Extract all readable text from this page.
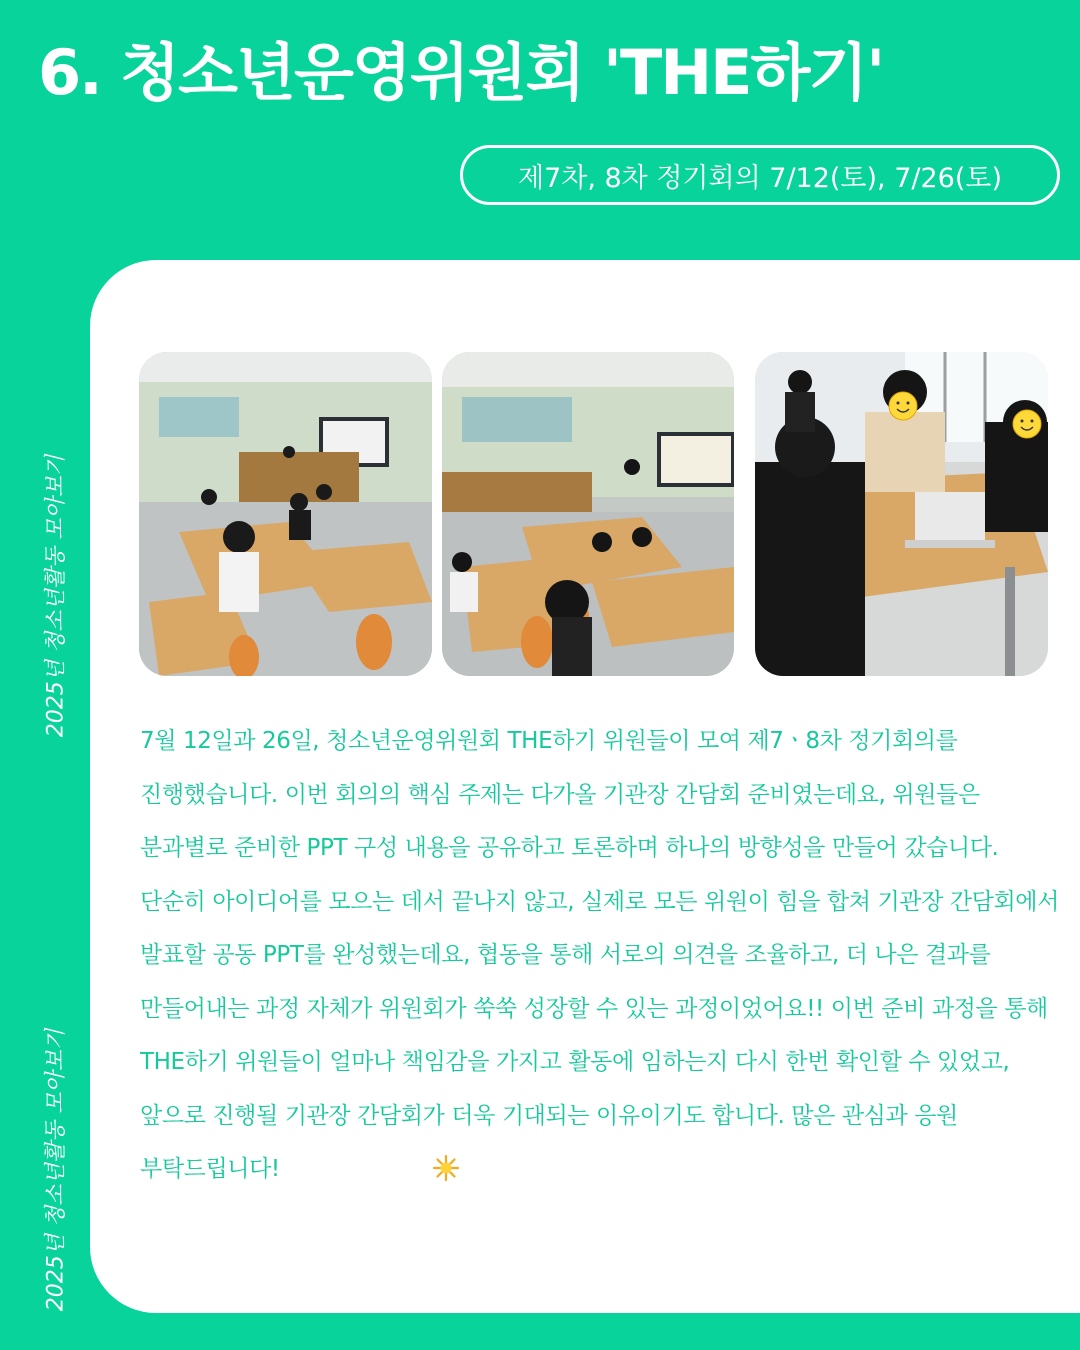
6. 청소년운영위원회 'THE하기'
제7차, 8차 정기회의 7/12(토), 7/26(토)
2025년 청소년활동 모아보기
2025년 청소년활동 모아보기

7월 12일과 26일, 청소년운영위원회 THE하기 위원들이 모여 제7ㆍ8차 정기회의를 진행했습니다. 이번 회의의 핵심 주제는 다가올 기관장 간담회 준비였는데요, 위원들은 분과별로 준비한 PPT 구성 내용을 공유하고 토론하며 하나의 방향성을 만들어 갔습니다. 단순히 아이디어를 모으는 데서 끝나지 않고, 실제로 모든 위원이 힘을 합쳐 기관장 간담회에서 발표할 공동 PPT를 완성했는데요, 협동을 통해 서로의 의견을 조율하고, 더 나은 결과를 만들어내는 과정 자체가 위원회가 쑥쑥 성장할 수 있는 과정이었어요!! 이번 준비 과정을 통해 THE하기 위원들이 얼마나 책임감을 가지고 활동에 임하는지 다시 한번 확인할 수 있었고, 앞으로 진행될 기관장 간담회가 더욱 기대되는 이유이기도 합니다. 많은 관심과 응원 부탁드립니다!
